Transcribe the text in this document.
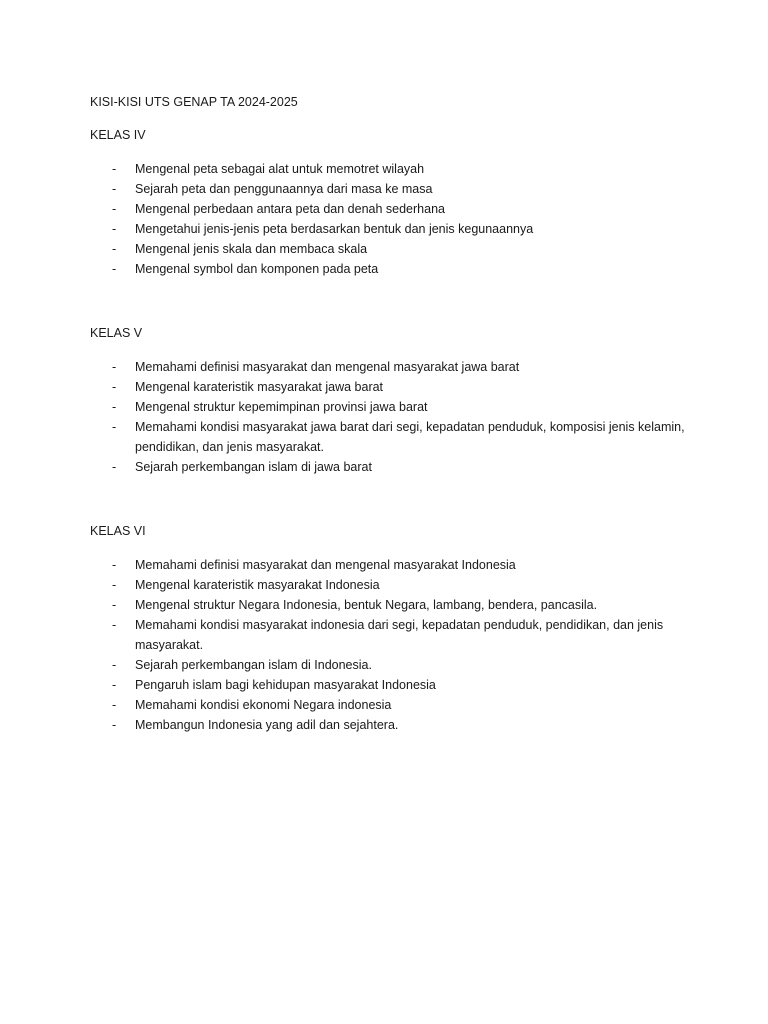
KISI-KISI UTS GENAP TA 2024-2025
KELAS IV
- Mengenal peta sebagai alat untuk memotret wilayah
- Sejarah peta dan penggunaannya dari masa ke masa
- Mengenal perbedaan antara peta dan denah sederhana
- Mengetahui jenis-jenis peta berdasarkan bentuk dan jenis kegunaannya
- Mengenal jenis skala dan membaca skala
- Mengenal symbol dan komponen pada peta
KELAS V
- Memahami definisi masyarakat dan mengenal masyarakat jawa barat
- Mengenal karateristik masyarakat jawa barat
- Mengenal struktur kepemimpinan provinsi jawa barat
- Memahami kondisi masyarakat jawa barat dari segi, kepadatan penduduk, komposisi jenis kelamin, pendidikan, dan jenis masyarakat.
- Sejarah perkembangan islam di jawa barat
KELAS VI
- Memahami definisi masyarakat dan mengenal masyarakat Indonesia
- Mengenal karateristik masyarakat Indonesia
- Mengenal struktur Negara Indonesia, bentuk Negara, lambang, bendera, pancasila.
- Memahami kondisi masyarakat indonesia dari segi, kepadatan penduduk, pendidikan, dan jenis masyarakat.
- Sejarah perkembangan islam di Indonesia.
- Pengaruh islam bagi kehidupan masyarakat Indonesia
- Memahami kondisi ekonomi Negara indonesia
- Membangun Indonesia yang adil dan sejahtera.
